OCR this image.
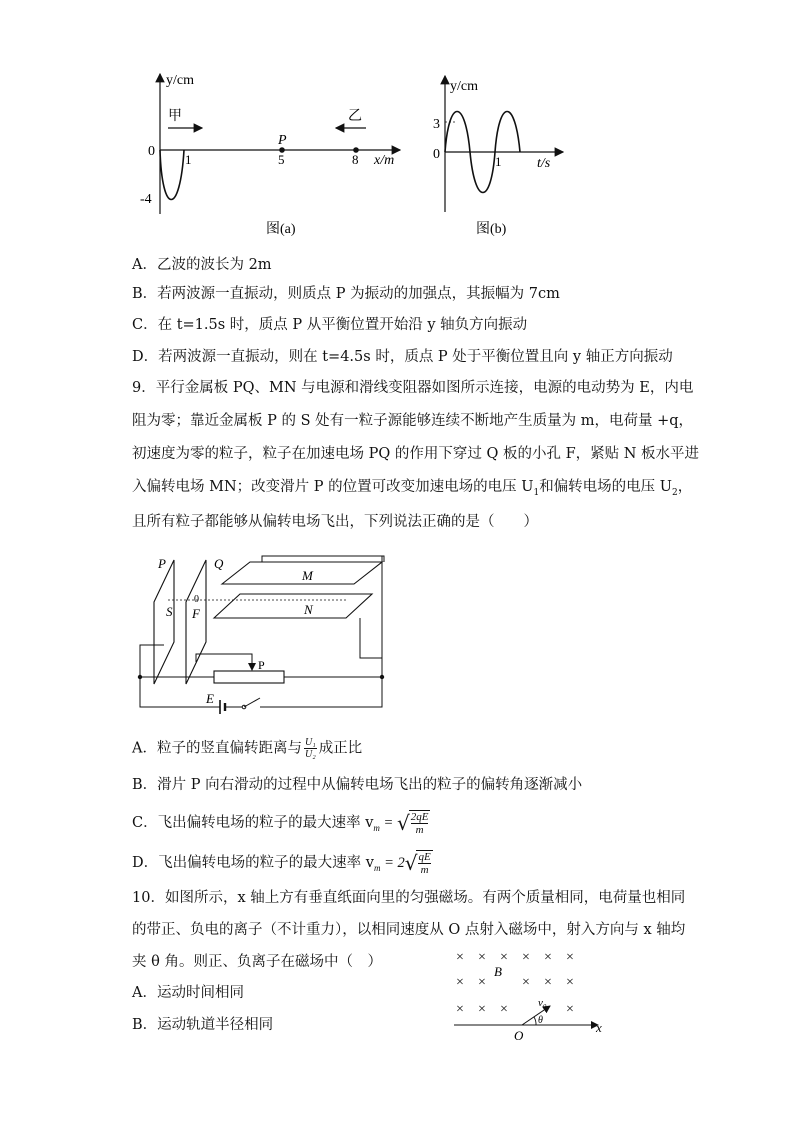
y/cm
x/m
0
-4
1	5	8
P
甲	乙
图(a)
y/cm
t/s
3
0	1
图(b)
A．乙波的波长为 2m
B．若两波源一直振动，则质点 P 为振动的加强点，其振幅为 7cm
C．在 t=1.5s 时，质点 P 从平衡位置开始沿 y 轴负方向振动
D．若两波源一直振动，则在 t=4.5s 时，质点 P 处于平衡位置且向 y 轴正方向振动
9．平行金属板 PQ、MN 与电源和滑线变阻器如图所示连接，电源的电动势为 E，内电
阻为零；靠近金属板 P 的 S 处有一粒子源能够连续不断地产生质量为 m，电荷量 +q，
初速度为零的粒子，粒子在加速电场 PQ 的作用下穿过 Q 板的小孔 F，紧贴 N 板水平进
入偏转电场 MN；改变滑片 P 的位置可改变加速电场的电压 $U_1$和偏转电场的电压 $U_2$，
且所有粒子都能够从偏转电场飞出，下列说法正确的是（　　）
P	Q
M
N
S F
0
P
E
A．粒子的竖直偏转距离与 $\frac{\text{U₁}}{\text{U₂}}$ 成正比
B．滑片 P 向右滑动的过程中从偏转电场飞出的粒子的偏转角逐渐减小
C．飞出偏转电场的粒子的最大速率 $v_m$ = √ $\frac{2qE}{m}$
D．飞出偏转电场的粒子的最大速率 $v_m = 2√ \frac{qE}{m}$
10．如图所示，x 轴上方有垂直纸面向里的匀强磁场。有两个质量相同，电荷量也相同
的带正、负电的离子（不计重力），以相同速度从 O 点射入磁场中，射入方向与 x 轴均
夹 θ 角。则正、负离子在磁场中（　）
A．运动时间相同
B．运动轨道半径相同
× × × × × ×
× ×	× × ×
× × ×	×
B
v₀
θ
O
x
